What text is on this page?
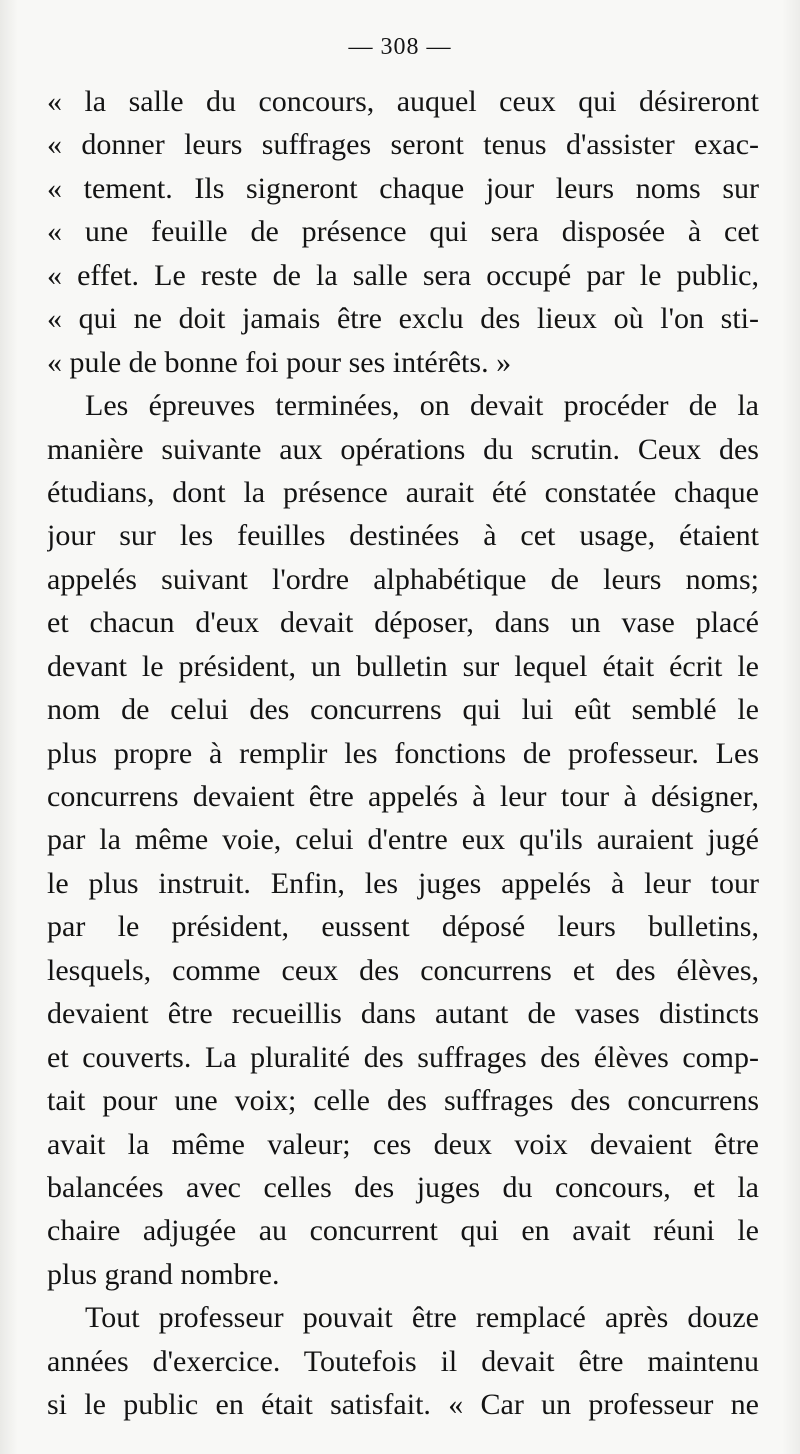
— 308 —
« la salle du concours, auquel ceux qui désireront
« donner leurs suffrages seront tenus d'assister exac-
« tement. Ils signeront chaque jour leurs noms sur
« une feuille de présence qui sera disposée à cet
« effet. Le reste de la salle sera occupé par le public,
« qui ne doit jamais être exclu des lieux où l'on sti-
« pule de bonne foi pour ses intérêts. »
Les épreuves terminées, on devait procéder de la
manière suivante aux opérations du scrutin. Ceux des
étudians, dont la présence aurait été constatée chaque
jour sur les feuilles destinées à cet usage, étaient
appelés suivant l'ordre alphabétique de leurs noms;
et chacun d'eux devait déposer, dans un vase placé
devant le président, un bulletin sur lequel était écrit le
nom de celui des concurrens qui lui eût semblé le
plus propre à remplir les fonctions de professeur. Les
concurrens devaient être appelés à leur tour à désigner,
par la même voie, celui d'entre eux qu'ils auraient jugé
le plus instruit. Enfin, les juges appelés à leur tour
par le président, eussent déposé leurs bulletins,
lesquels, comme ceux des concurrens et des élèves,
devaient être recueillis dans autant de vases distincts
et couverts. La pluralité des suffrages des élèves comp-
tait pour une voix; celle des suffrages des concurrens
avait la même valeur; ces deux voix devaient être
balancées avec celles des juges du concours, et la
chaire adjugée au concurrent qui en avait réuni le
plus grand nombre.
Tout professeur pouvait être remplacé après douze
années d'exercice. Toutefois il devait être maintenu
si le public en était satisfait. « Car un professeur ne
